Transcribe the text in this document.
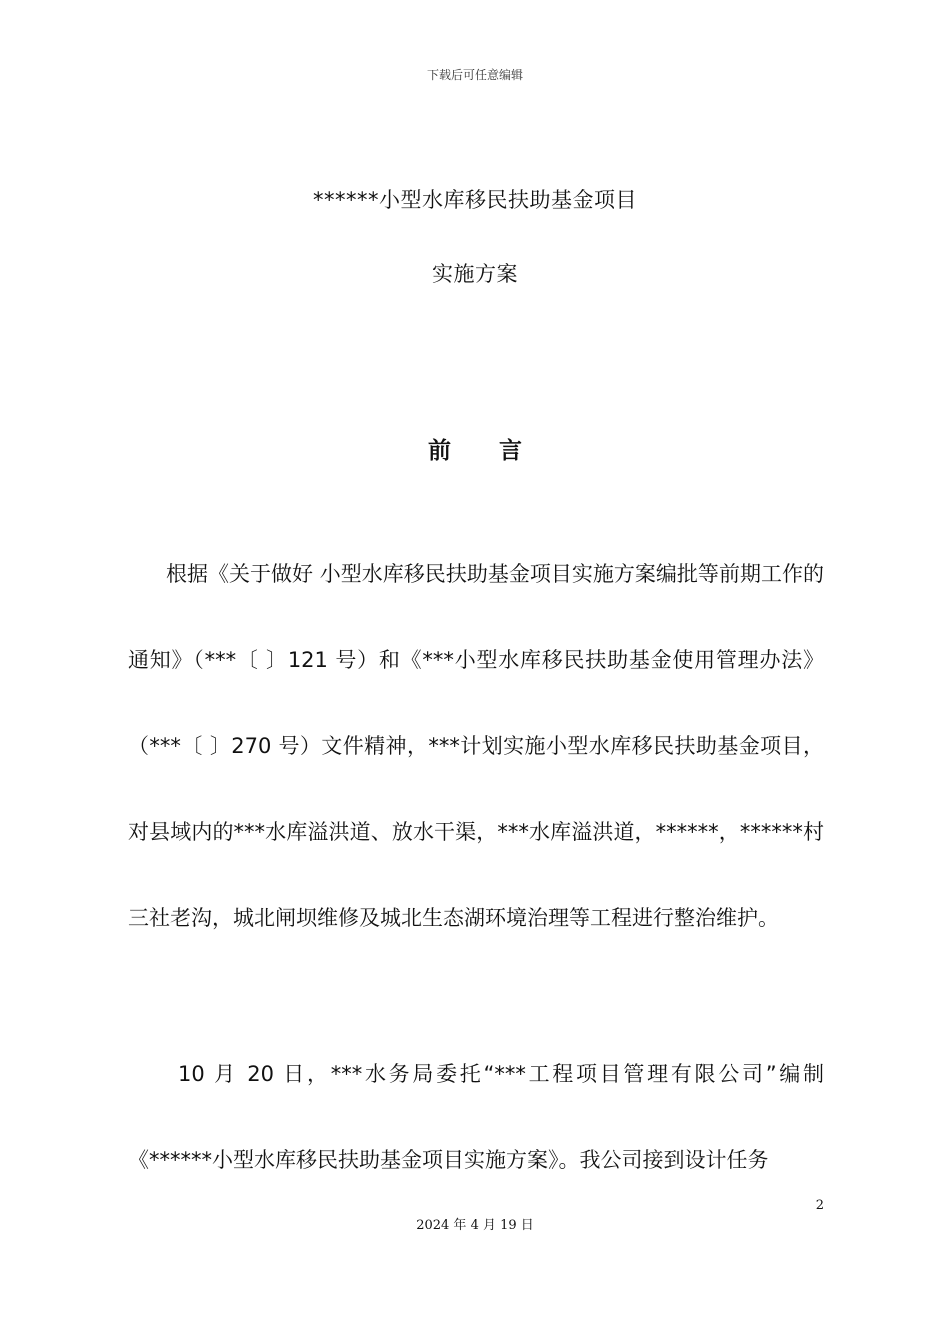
下载后可任意编辑
******小型水库移民扶助基金项目
实施方案
前 言
根据《关于做好 小型水库移民扶助基金项目实施方案编批等前期工作的通知》（***〔 〕121 号）和《***小型水库移民扶助基金使用管理办法》（***〔 〕270 号）文件精神，***计划实施小型水库移民扶助基金项目，对县域内的***水库溢洪道、放水干渠，***水库溢洪道，******，******村三社老沟，城北闸坝维修及城北生态湖环境治理等工程进行整治维护。
10 月 20 日，***水务局委托“***工程项目管理有限公司”编制《******小型水库移民扶助基金项目实施方案》。我公司接到设计任务
2
2024 年 4 月 19 日
